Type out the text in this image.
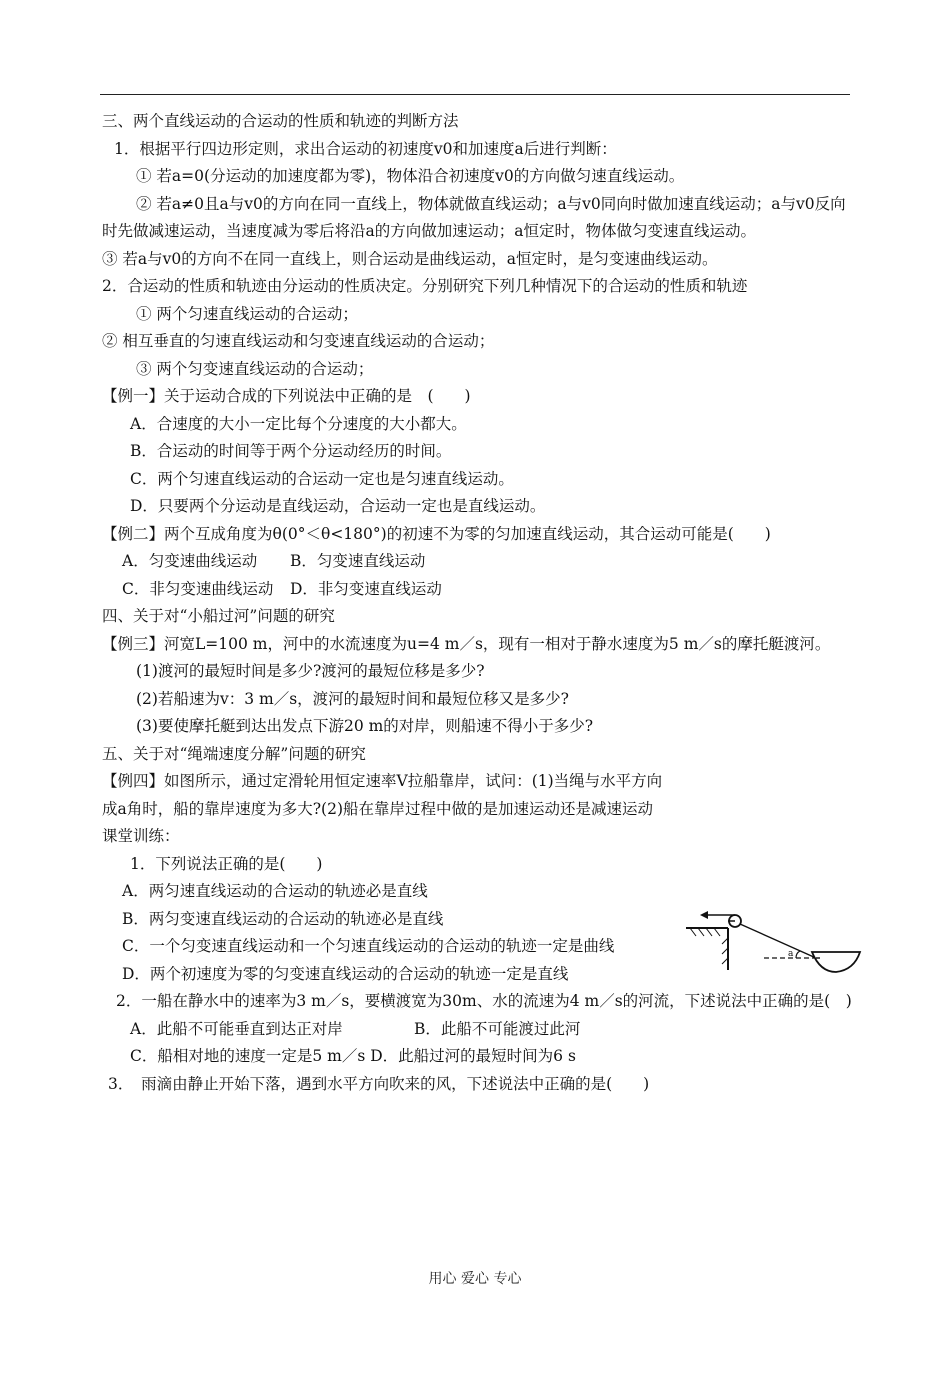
三、两个直线运动的合运动的性质和轨迹的判断方法
1．根据平行四边形定则，求出合运动的初速度v0和加速度a后进行判断：
① 若a=0(分运动的加速度都为零)，物体沿合初速度v0的方向做匀速直线运动。
② 若a≠0且a与v0的方向在同一直线上，物体就做直线运动；a与v0同向时做加速直线运动；a与v0反向时先做减速运动，当速度减为零后将沿a的方向做加速运动；a恒定时，物体做匀变速直线运动。
③ 若a与v0的方向不在同一直线上，则合运动是曲线运动，a恒定时，是匀变速曲线运动。
2．合运动的性质和轨迹由分运动的性质决定。分别研究下列几种情况下的合运动的性质和轨迹
① 两个匀速直线运动的合运动；
② 相互垂直的匀速直线运动和匀变速直线运动的合运动；
③ 两个匀变速直线运动的合运动；
【例一】关于运动合成的下列说法中正确的是　(　　)
A．合速度的大小一定比每个分速度的大小都大。
B．合运动的时间等于两个分运动经历的时间。
C．两个匀速直线运动的合运动一定也是匀速直线运动。
D．只要两个分运动是直线运动，合运动一定也是直线运动。
【例二】两个互成角度为θ(0°＜θ<180°)的初速不为零的匀加速直线运动，其合运动可能是(　　)
A．匀变速曲线运动 B．匀变速直线运动
C．非匀变速曲线运动 D．非匀变速直线运动
四、关于对“小船过河”问题的研究
【例三】河宽L=100 m，河中的水流速度为u=4 m／s，现有一相对于静水速度为5 m／s的摩托艇渡河。
(1)渡河的最短时间是多少?渡河的最短位移是多少?
(2)若船速为v：3 m／s，渡河的最短时间和最短位移又是多少?
(3)要使摩托艇到达出发点下游20 m的对岸，则船速不得小于多少?
五、关于对“绳端速度分解”问题的研究
【例四】如图所示，通过定滑轮用恒定速率V拉船靠岸，试问：(1)当绳与水平方向成a角时，船的靠岸速度为多大?(2)船在靠岸过程中做的是加速运动还是减速运动
课堂训练：
1．下列说法正确的是(　　)
A．两匀速直线运动的合运动的轨迹必是直线
B．两匀变速直线运动的合运动的轨迹必是直线
C．一个匀变速直线运动和一个匀速直线运动的合运动的轨迹一定是曲线
D．两个初速度为零的匀变速直线运动的合运动的轨迹一定是直线
2．一船在静水中的速率为3 m／s，要横渡宽为30m、水的流速为4 m／s的河流，下述说法中正确的是(　)
A．此船不可能垂直到达正对岸	B．此船不可能渡过此河
C．船相对地的速度一定是5 m／s D．此船过河的最短时间为6 s
3．　雨滴由静止开始下落，遇到水平方向吹来的风，下述说法中正确的是(　　)
a
用心 爱心 专心
